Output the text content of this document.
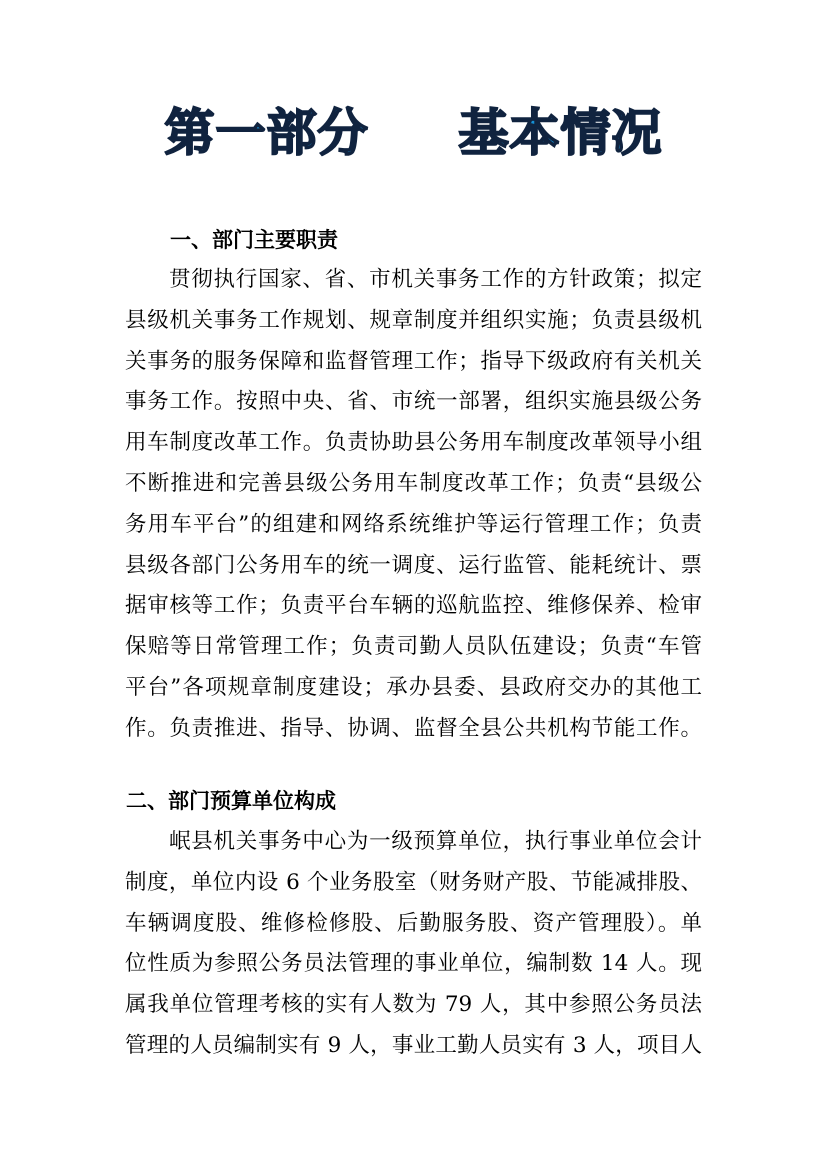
第一部分 基本情况
一、部门主要职责
贯彻执行国家、省、市机关事务工作的方针政策；拟定
县级机关事务工作规划、规章制度并组织实施；负责县级机
关事务的服务保障和监督管理工作；指导下级政府有关机关
事务工作。按照中央、省、市统一部署，组织实施县级公务
用车制度改革工作。负责协助县公务用车制度改革领导小组
不断推进和完善县级公务用车制度改革工作；负责“县级公
务用车平台”的组建和网络系统维护等运行管理工作；负责
县级各部门公务用车的统一调度、运行监管、能耗统计、票
据审核等工作；负责平台车辆的巡航监控、维修保养、检审
保赔等日常管理工作；负责司勤人员队伍建设；负责“车管
平台”各项规章制度建设；承办县委、县政府交办的其他工
作。负责推进、指导、协调、监督全县公共机构节能工作。
二、部门预算单位构成
岷县机关事务中心为一级预算单位，执行事业单位会计
制度，单位内设 6 个业务股室（财务财产股、节能减排股、
车辆调度股、维修检修股、后勤服务股、资产管理股）。单
位性质为参照公务员法管理的事业单位，编制数 14 人。现
属我单位管理考核的实有人数为 79 人，其中参照公务员法
管理的人员编制实有 9 人，事业工勤人员实有 3 人，项目人
